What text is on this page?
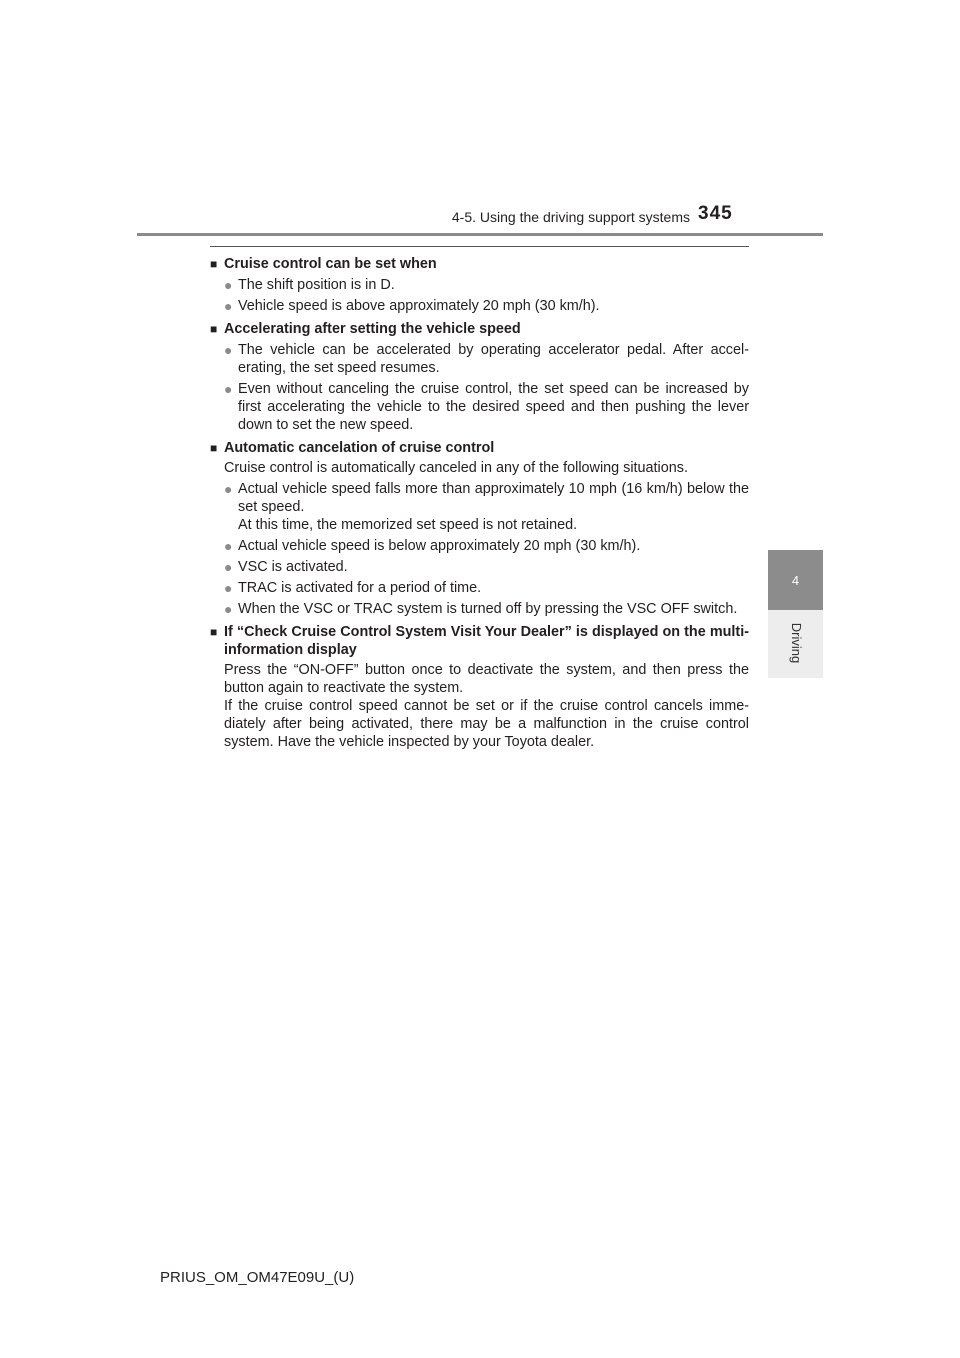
4-5. Using the driving support systems 345
4
Driving
■ Cruise control can be set when
● The shift position is in D.
● Vehicle speed is above approximately 20 mph (30 km/h).
■ Accelerating after setting the vehicle speed
● The vehicle can be accelerated by operating accelerator pedal. After accel-erating, the set speed resumes.
● Even without canceling the cruise control, the set speed can be increased by first accelerating the vehicle to the desired speed and then pushing the lever down to set the new speed.
■ Automatic cancelation of cruise control
Cruise control is automatically canceled in any of the following situations.
● Actual vehicle speed falls more than approximately 10 mph (16 km/h) below the set speed.
At this time, the memorized set speed is not retained.
● Actual vehicle speed is below approximately 20 mph (30 km/h).
● VSC is activated.
● TRAC is activated for a period of time.
● When the VSC or TRAC system is turned off by pressing the VSC OFF switch.
■ If “Check Cruise Control System Visit Your Dealer” is displayed on the multi-information display
Press the “ON-OFF” button once to deactivate the system, and then press the button again to reactivate the system.
If the cruise control speed cannot be set or if the cruise control cancels imme-diately after being activated, there may be a malfunction in the cruise control system. Have the vehicle inspected by your Toyota dealer.
PRIUS_OM_OM47E09U_(U)
